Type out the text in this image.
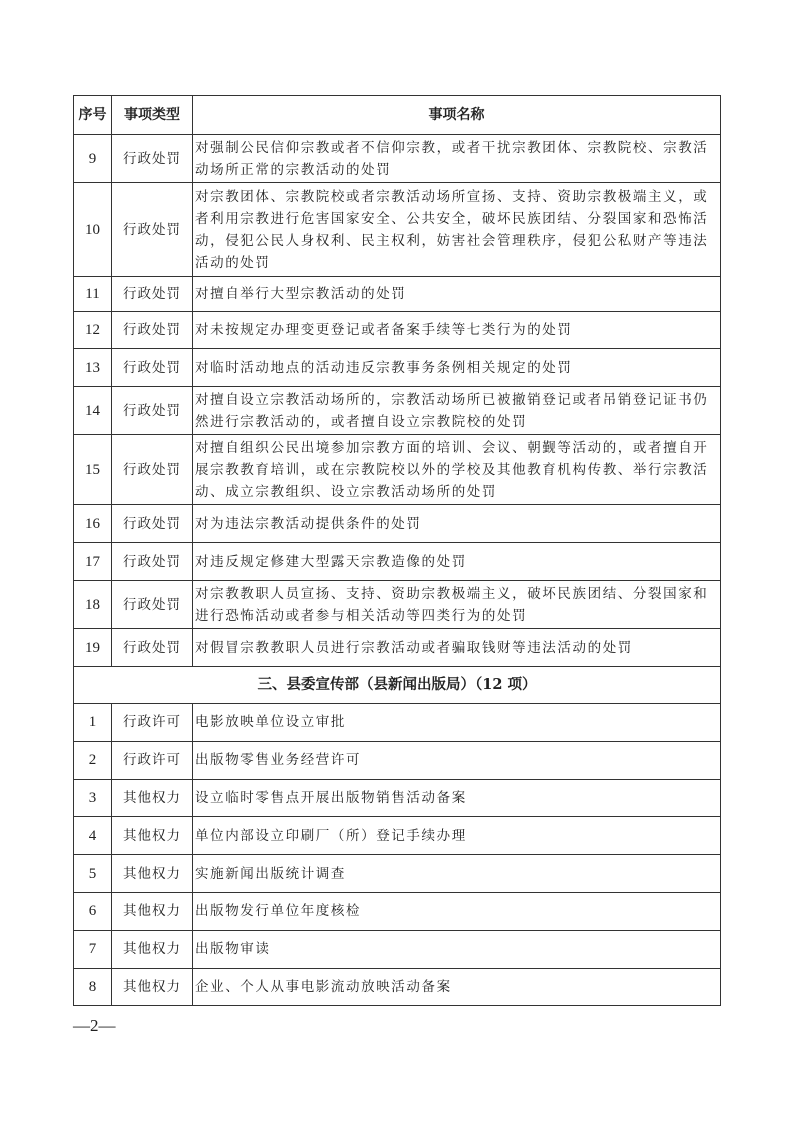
序号	事项类型	事项名称
9	行政处罚	对强制公民信仰宗教或者不信仰宗教，或者干扰宗教团体、宗教院校、宗教活动场所正常的宗教活动的处罚
10	行政处罚	对宗教团体、宗教院校或者宗教活动场所宣扬、支持、资助宗教极端主义，或者利用宗教进行危害国家安全、公共安全，破坏民族团结、分裂国家和恐怖活动，侵犯公民人身权利、民主权利，妨害社会管理秩序，侵犯公私财产等违法活动的处罚
11	行政处罚	对擅自举行大型宗教活动的处罚
12	行政处罚	对未按规定办理变更登记或者备案手续等七类行为的处罚
13	行政处罚	对临时活动地点的活动违反宗教事务条例相关规定的处罚
14	行政处罚	对擅自设立宗教活动场所的，宗教活动场所已被撤销登记或者吊销登记证书仍然进行宗教活动的，或者擅自设立宗教院校的处罚
15	行政处罚	对擅自组织公民出境参加宗教方面的培训、会议、朝觐等活动的，或者擅自开展宗教教育培训，或在宗教院校以外的学校及其他教育机构传教、举行宗教活动、成立宗教组织、设立宗教活动场所的处罚
16	行政处罚	对为违法宗教活动提供条件的处罚
17	行政处罚	对违反规定修建大型露天宗教造像的处罚
18	行政处罚	对宗教教职人员宣扬、支持、资助宗教极端主义，破坏民族团结、分裂国家和进行恐怖活动或者参与相关活动等四类行为的处罚
19	行政处罚	对假冒宗教教职人员进行宗教活动或者骗取钱财等违法活动的处罚
三、县委宣传部（县新闻出版局）（12 项）		
1	行政许可	电影放映单位设立审批
2	行政许可	出版物零售业务经营许可
3	其他权力	设立临时零售点开展出版物销售活动备案
4	其他权力	单位内部设立印刷厂（所）登记手续办理
5	其他权力	实施新闻出版统计调查
6	其他权力	出版物发行单位年度核检
7	其他权力	出版物审读
8	其他权力	企业、个人从事电影流动放映活动备案
—2—
